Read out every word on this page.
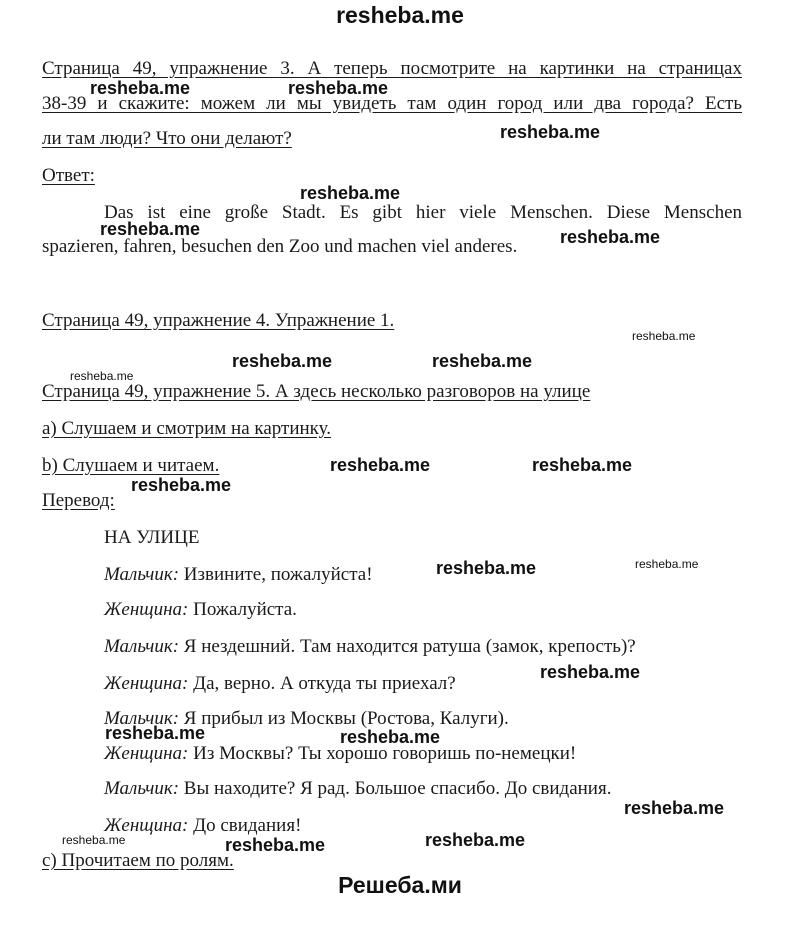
resheba.me
Страница 49, упражнение 3. А теперь посмотрите на картинки на страницах
38-39 и скажите: можем ли мы увидеть там один город или два города? Есть
ли там люди? Что они делают?
Ответ:
Das ist eine große Stadt. Es gibt hier viele Menschen. Diese Menschen
spazieren, fahren, besuchen den Zoo und machen viel anderes.
Страница 49, упражнение 4. Упражнение 1.
Страница 49, упражнение 5. А здесь несколько разговоров на улице
a) Слушаем и смотрим на картинку.
b) Слушаем и читаем.
Перевод:
НА УЛИЦЕ
Мальчик: Извините, пожалуйста!
Женщина: Пожалуйста.
Мальчик: Я нездешний. Там находится ратуша (замок, крепость)?
Женщина: Да, верно. А откуда ты приехал?
Мальчик: Я прибыл из Москвы (Ростова, Калуги).
Женщина: Из Москвы? Ты хорошо говоришь по-немецки!
Мальчик: Вы находите? Я рад. Большое спасибо. До свидания.
Женщина: До свидания!
c) Прочитаем по ролям.
Решеба.ми
resheba.me	resheba.me
resheba.me
resheba.me
resheba.me	resheba.me
resheba.me
resheba.me	resheba.me
resheba.me
resheba.me	resheba.me
resheba.me
resheba.me	resheba.me
resheba.me
resheba.me	resheba.me
resheba.me
resheba.me	resheba.me	resheba.me
